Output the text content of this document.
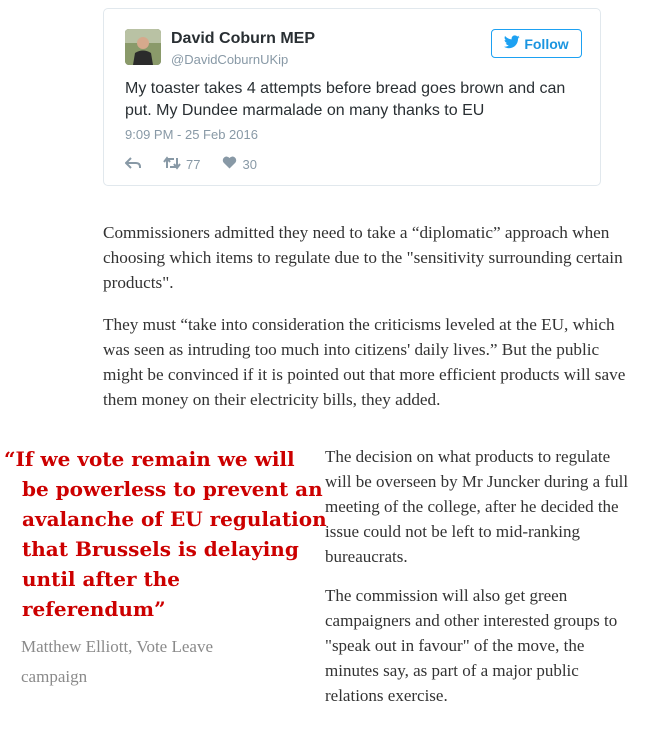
David Coburn MEP
@DavidCoburnUKip
Follow
My toaster takes 4 attempts before bread goes brown and can put. My Dundee marmalade on many thanks to EU
9:09 PM - 25 Feb 2016
77	30

Commissioners admitted they need to take a “diplomatic” approach when choosing which items to regulate due to the "sensitivity surrounding certain products".

They must “take into consideration the criticisms leveled at the EU, which was seen as intruding too much into citizens' daily lives.” But the public might be convinced if it is pointed out that more efficient products will save them money on their electricity bills, they added.

“If we vote remain we will
be powerless to prevent an
avalanche of EU regulation
that Brussels is delaying
until after the
referendum”
Matthew Elliott, Vote Leave campaign

The decision on what products to regulate will be overseen by Mr Juncker during a full meeting of the college, after he decided the issue could not be left to mid-ranking bureaucrats.

The commission will also get green campaigners and other interested groups to "speak out in favour" of the move, the minutes say, as part of a major public relations exercise.
